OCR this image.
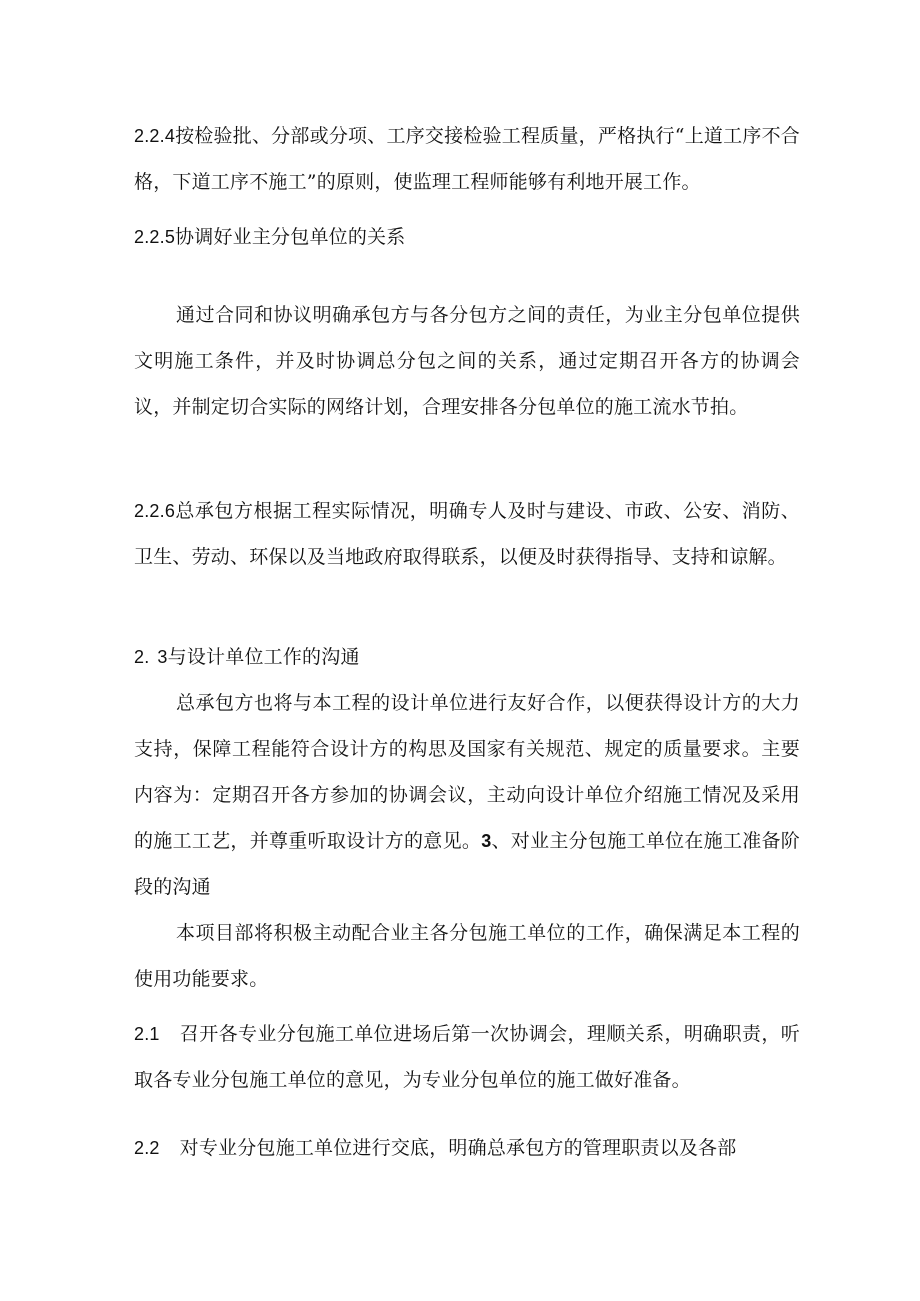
2.2.4按检验批、分部或分项、工序交接检验工程质量，严格执行“上道工序不合格，下道工序不施工”的原则，使监理工程师能够有利地开展工作。

2.2.5协调好业主分包单位的关系

通过合同和协议明确承包方与各分包方之间的责任，为业主分包单位提供文明施工条件，并及时协调总分包之间的关系，通过定期召开各方的协调会议，并制定切合实际的网络计划，合理安排各分包单位的施工流水节拍。

2.2.6总承包方根据工程实际情况，明确专人及时与建设、市政、公安、消防、卫生、劳动、环保以及当地政府取得联系，以便及时获得指导、支持和谅解。

2. 3与设计单位工作的沟通

总承包方也将与本工程的设计单位进行友好合作，以便获得设计方的大力支持，保障工程能符合设计方的构思及国家有关规范、规定的质量要求。主要内容为：定期召开各方参加的协调会议，主动向设计单位介绍施工情况及采用的施工工艺，并尊重听取设计方的意见。3、对业主分包施工单位在施工准备阶段的沟通

本项目部将积极主动配合业主各分包施工单位的工作，确保满足本工程的使用功能要求。

2.1 召开各专业分包施工单位进场后第一次协调会，理顺关系，明确职责，听取各专业分包施工单位的意见，为专业分包单位的施工做好准备。

2.2 对专业分包施工单位进行交底，明确总承包方的管理职责以及各部
